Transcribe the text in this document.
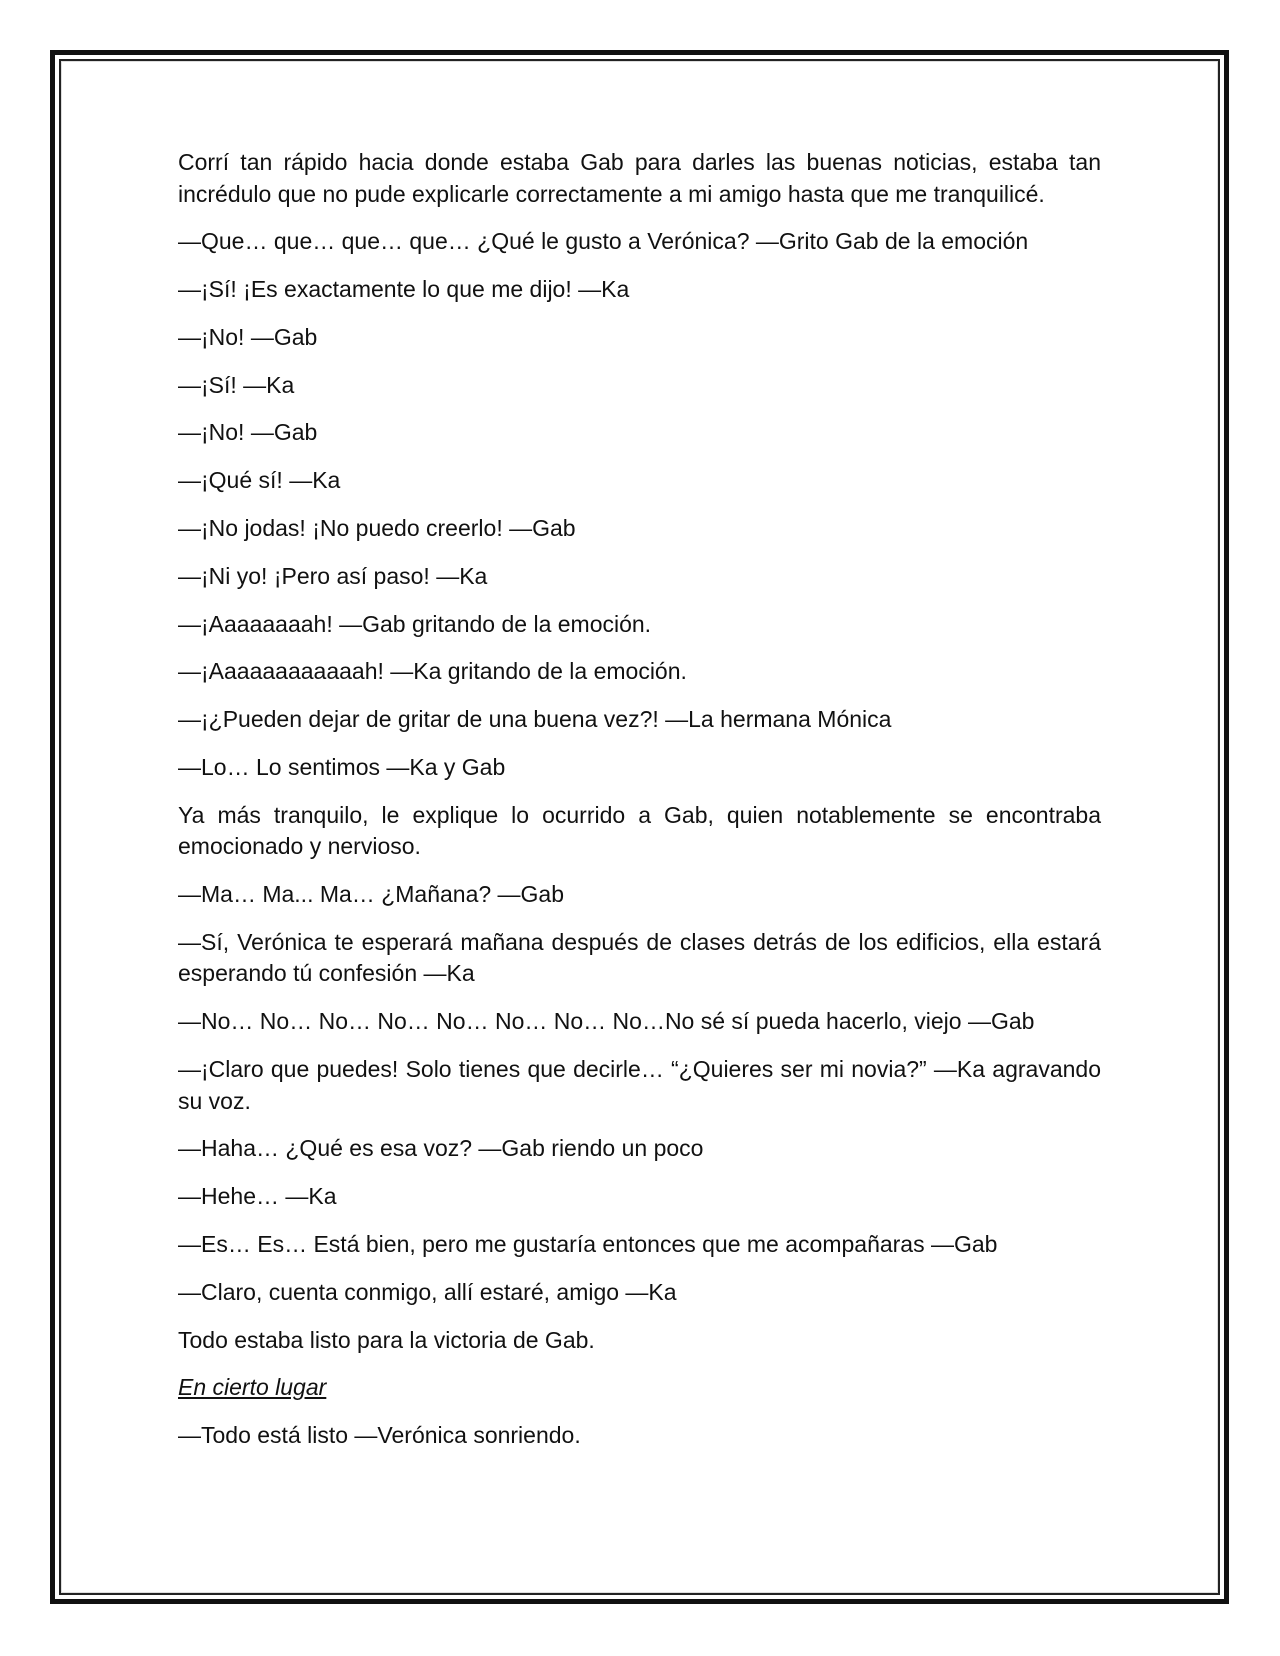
Corrí tan rápido hacia donde estaba Gab para darles las buenas noticias, estaba tan incrédulo que no pude explicarle correctamente a mi amigo hasta que me tranquilicé.

—Que… que… que… que… ¿Qué le gusto a Verónica? —Grito Gab de la emoción

—¡Sí! ¡Es exactamente lo que me dijo! —Ka

—¡No! —Gab

—¡Sí! —Ka

—¡No! —Gab

—¡Qué sí! —Ka

—¡No jodas! ¡No puedo creerlo! —Gab

—¡Ni yo! ¡Pero así paso! —Ka

—¡Aaaaaaaah! —Gab gritando de la emoción.

—¡Aaaaaaaaaaaah! —Ka gritando de la emoción.

—¡¿Pueden dejar de gritar de una buena vez?! —La hermana Mónica

—Lo… Lo sentimos —Ka y Gab

Ya más tranquilo, le explique lo ocurrido a Gab, quien notablemente se encontraba emocionado y nervioso.

—Ma… Ma... Ma… ¿Mañana? —Gab

—Sí, Verónica te esperará mañana después de clases detrás de los edificios, ella estará esperando tú confesión —Ka

—No… No… No… No… No… No… No… No…No sé sí pueda hacerlo, viejo —Gab

—¡Claro que puedes! Solo tienes que decirle… “¿Quieres ser mi novia?” —Ka agravando su voz.

—Haha… ¿Qué es esa voz? —Gab riendo un poco

—Hehe… —Ka

—Es… Es… Está bien, pero me gustaría entonces que me acompañaras —Gab

—Claro, cuenta conmigo, allí estaré, amigo —Ka

Todo estaba listo para la victoria de Gab.

En cierto lugar

—Todo está listo —Verónica sonriendo.
